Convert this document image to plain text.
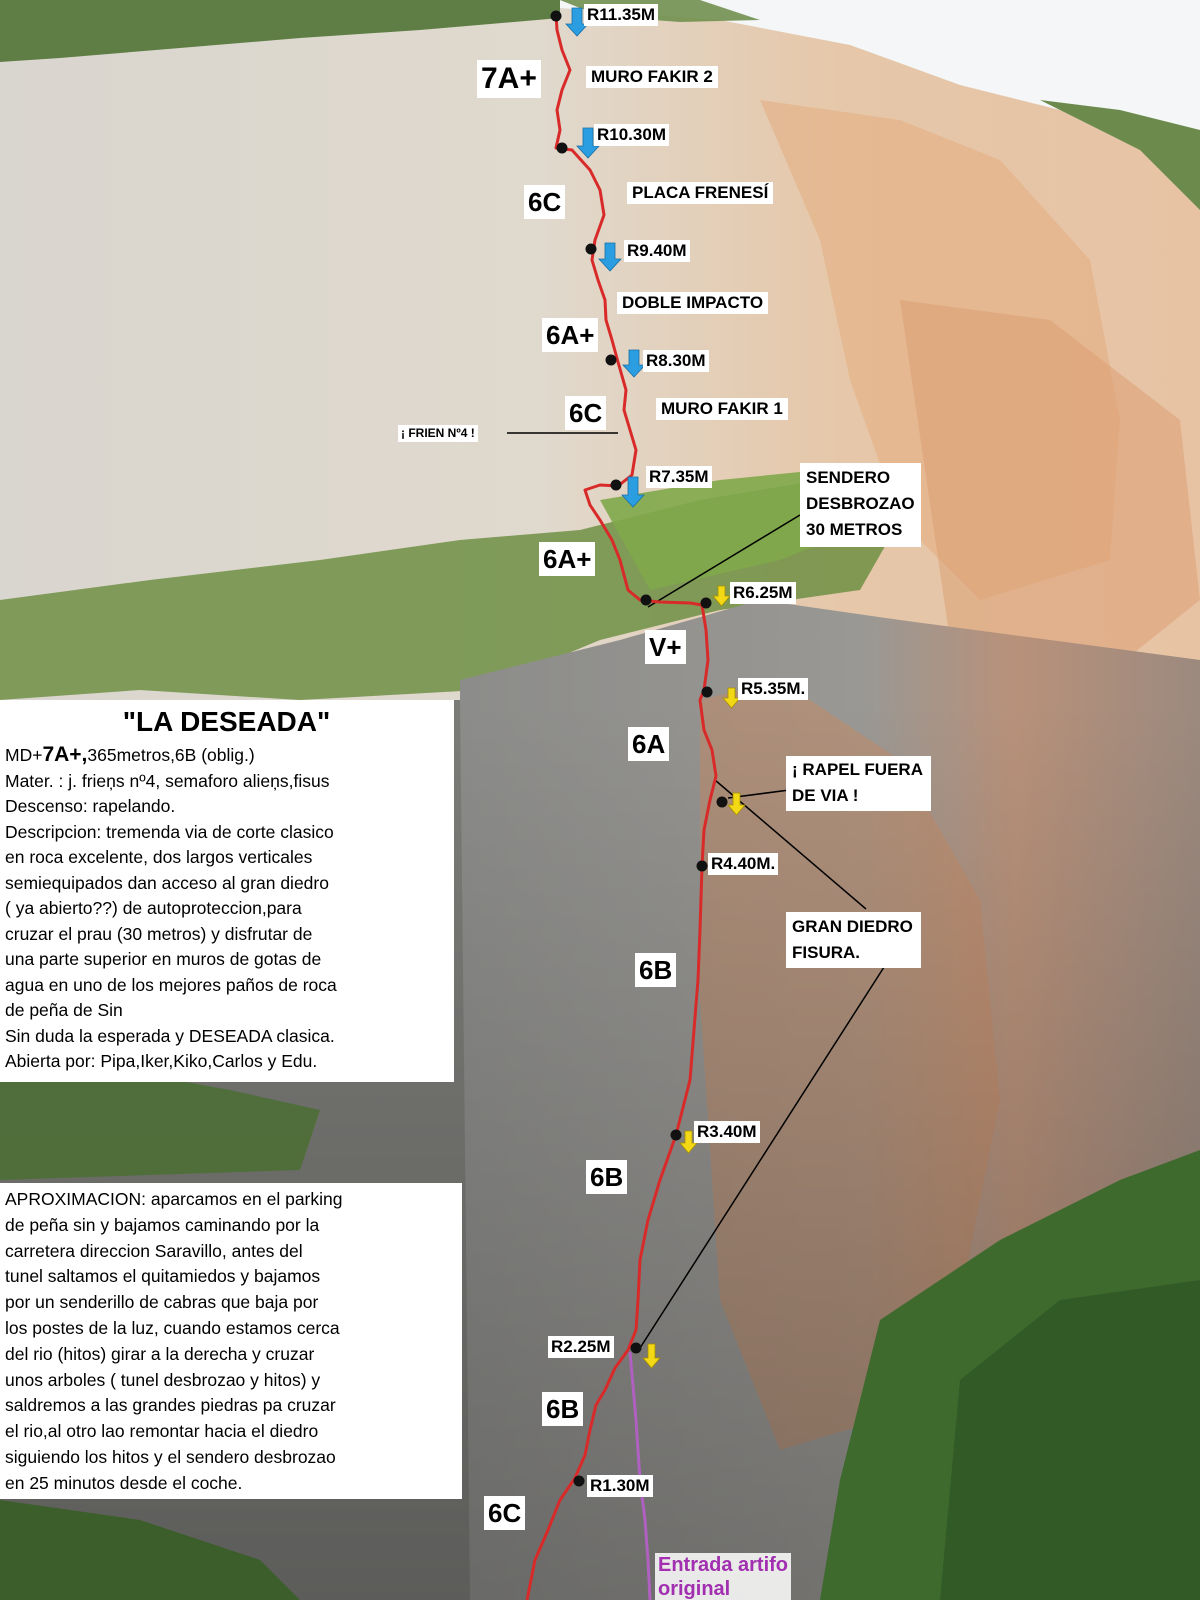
R11.35M
R10.30M
R9.40M
R8.30M
R7.35M
R6.25M
R5.35M.
R4.40M.
R3.40M
R2.25M
R1.30M
7A+
6C
6A+
6C
6A+
V+
6A
6B
6B
6B
6C
MURO FAKIR 2
PLACA FRENESÍ
DOBLE IMPACTO
MURO FAKIR 1
¡ FRIEN Nº4 !
SENDERO
DESBROZAO
30 METROS
¡ RAPEL FUERA
DE VIA !
GRAN DIEDRO
FISURA.
Entrada artifo
original
"LA DESEADA"
MD+7A+,365metros,6B (oblig.)
Mater. : j. frieņs nº4, semaforo alieņs,fisus
Descenso: rapelando.
Descripcion: tremenda via de corte clasico
en roca excelente, dos largos verticales
semiequipados dan acceso al gran diedro
( ya abierto??) de autoproteccion,para
cruzar el prau (30 metros) y disfrutar de
una parte superior en muros de gotas de
agua en uno de los mejores paños de roca
de peña de Sin
Sin duda la esperada y DESEADA clasica.
Abierta por: Pipa,Iker,Kiko,Carlos y Edu.
APROXIMACION: aparcamos en el parking
de peña sin y bajamos caminando por la
carretera direccion Saravillo, antes del
tunel saltamos el quitamiedos y bajamos
por un senderillo de cabras que baja por
los postes de la luz, cuando estamos cerca
del rio (hitos) girar a la derecha y cruzar
unos arboles ( tunel desbrozao y hitos) y
saldremos a las grandes piedras pa cruzar
el rio,al otro lao remontar hacia el diedro
siguiendo los hitos y el sendero desbrozao
en 25 minutos desde el coche.
